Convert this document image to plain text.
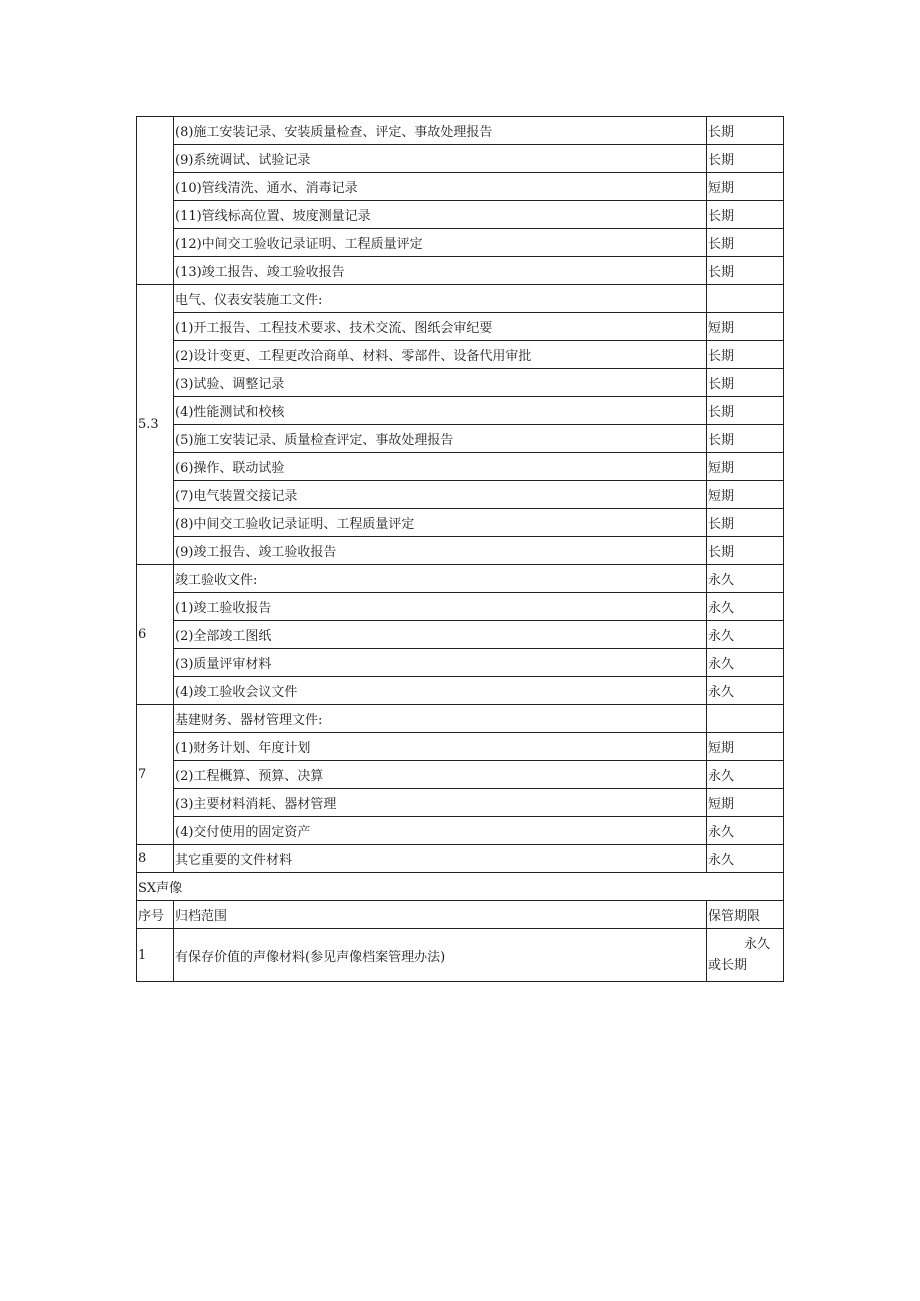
	(8)施工安装记录、安装质量检查、评定、事故处理报告	长期
	(9)系统调试、试验记录	长期
	(10)管线清洗、通水、消毒记录	短期
	(11)管线标高位置、坡度测量记录	长期
	(12)中间交工验收记录证明、工程质量评定	长期
	(13)竣工报告、竣工验收报告	长期
5.3	电气、仪表安装施工文件:	
	(1)开工报告、工程技术要求、技术交流、图纸会审纪要	短期
	(2)设计变更、工程更改洽商单、材料、零部件、设备代用审批	长期
	(3)试验、调整记录	长期
	(4)性能测试和校核	长期
	(5)施工安装记录、质量检查评定、事故处理报告	长期
	(6)操作、联动试验	短期
	(7)电气装置交接记录	短期
	(8)中间交工验收记录证明、工程质量评定	长期
	(9)竣工报告、竣工验收报告	长期
6	竣工验收文件:	永久
	(1)竣工验收报告	永久
	(2)全部竣工图纸	永久
	(3)质量评审材料	永久
	(4)竣工验收会议文件	永久
7	基建财务、器材管理文件:	
	(1)财务计划、年度计划	短期
	(2)工程概算、预算、决算	永久
	(3)主要材料消耗、器材管理	短期
	(4)交付使用的固定资产	永久
8	其它重要的文件材料	永久
SX声像		
序号	归档范围	保管期限
1	有保存价值的声像材料(参见声像档案管理办法)	永久
或长期
